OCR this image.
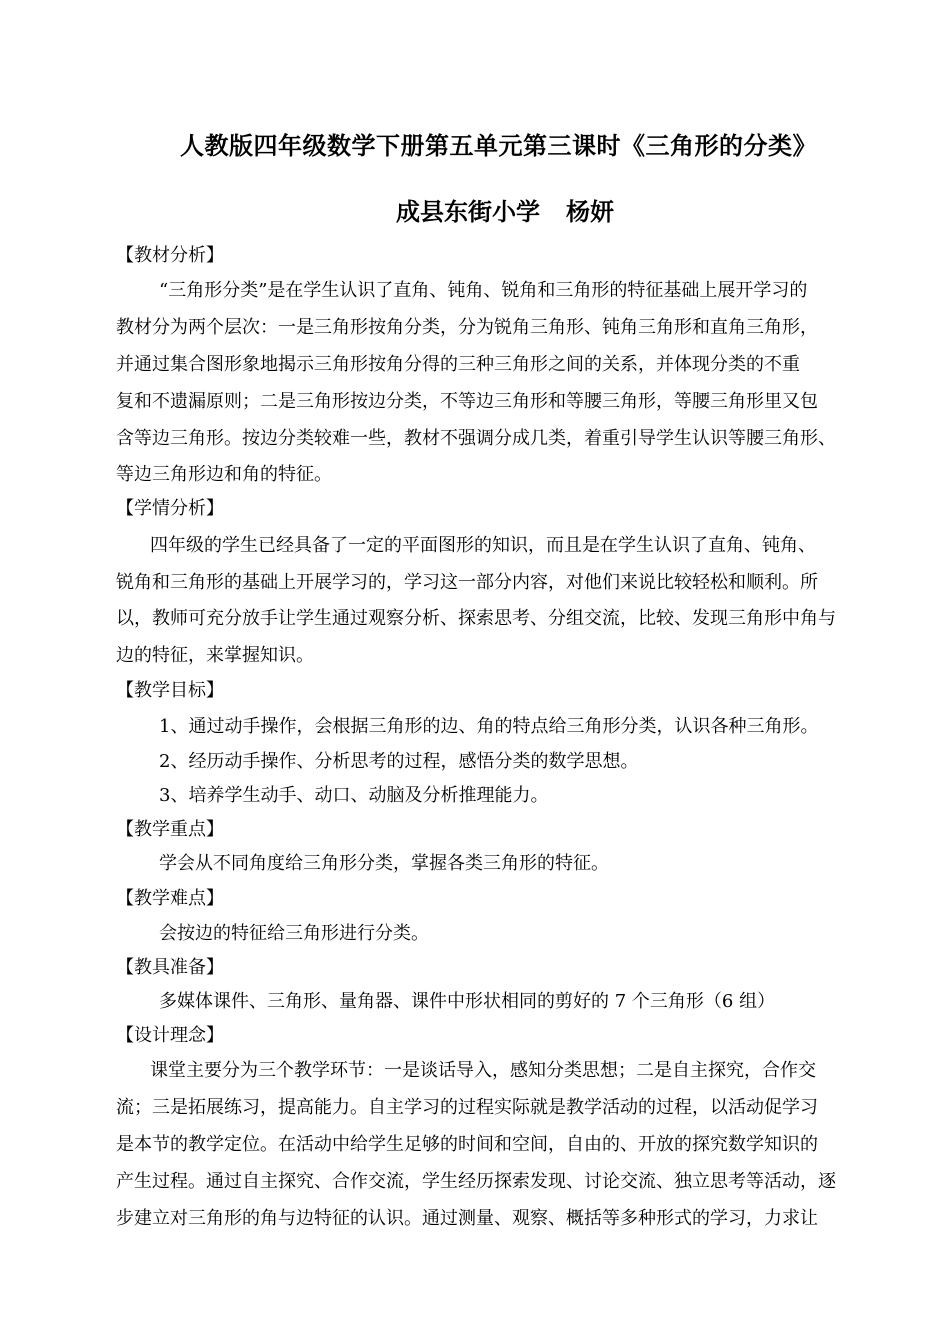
人教版四年级数学下册第五单元第三课时《三角形的分类》
成县东街小学 杨妍
【教材分析】
“三角形分类”是在学生认识了直角、钝角、锐角和三角形的特征基础上展开学习的
教材分为两个层次：一是三角形按角分类，分为锐角三角形、钝角三角形和直角三角形，
并通过集合图形象地揭示三角形按角分得的三种三角形之间的关系，并体现分类的不重
复和不遗漏原则；二是三角形按边分类，不等边三角形和等腰三角形，等腰三角形里又包
含等边三角形。按边分类较难一些，教材不强调分成几类，着重引导学生认识等腰三角形、
等边三角形边和角的特征。
【学情分析】
四年级的学生已经具备了一定的平面图形的知识，而且是在学生认识了直角、钝角、
锐角和三角形的基础上开展学习的，学习这一部分内容，对他们来说比较轻松和顺利。所
以，教师可充分放手让学生通过观察分析、探索思考、分组交流，比较、发现三角形中角与
边的特征，来掌握知识。
【教学目标】
1、通过动手操作，会根据三角形的边、角的特点给三角形分类，认识各种三角形。
2、经历动手操作、分析思考的过程，感悟分类的数学思想。
3、培养学生动手、动口、动脑及分析推理能力。
【教学重点】
学会从不同角度给三角形分类，掌握各类三角形的特征。
【教学难点】
会按边的特征给三角形进行分类。
【教具准备】
多媒体课件、三角形、量角器、课件中形状相同的剪好的 7 个三角形（6 组）
【设计理念】
课堂主要分为三个教学环节：一是谈话导入，感知分类思想；二是自主探究，合作交
流；三是拓展练习，提高能力。自主学习的过程实际就是教学活动的过程，以活动促学习
是本节的教学定位。在活动中给学生足够的时间和空间，自由的、开放的探究数学知识的
产生过程。通过自主探究、合作交流，学生经历探索发现、讨论交流、独立思考等活动，逐
步建立对三角形的角与边特征的认识。通过测量、观察、概括等多种形式的学习，力求让
